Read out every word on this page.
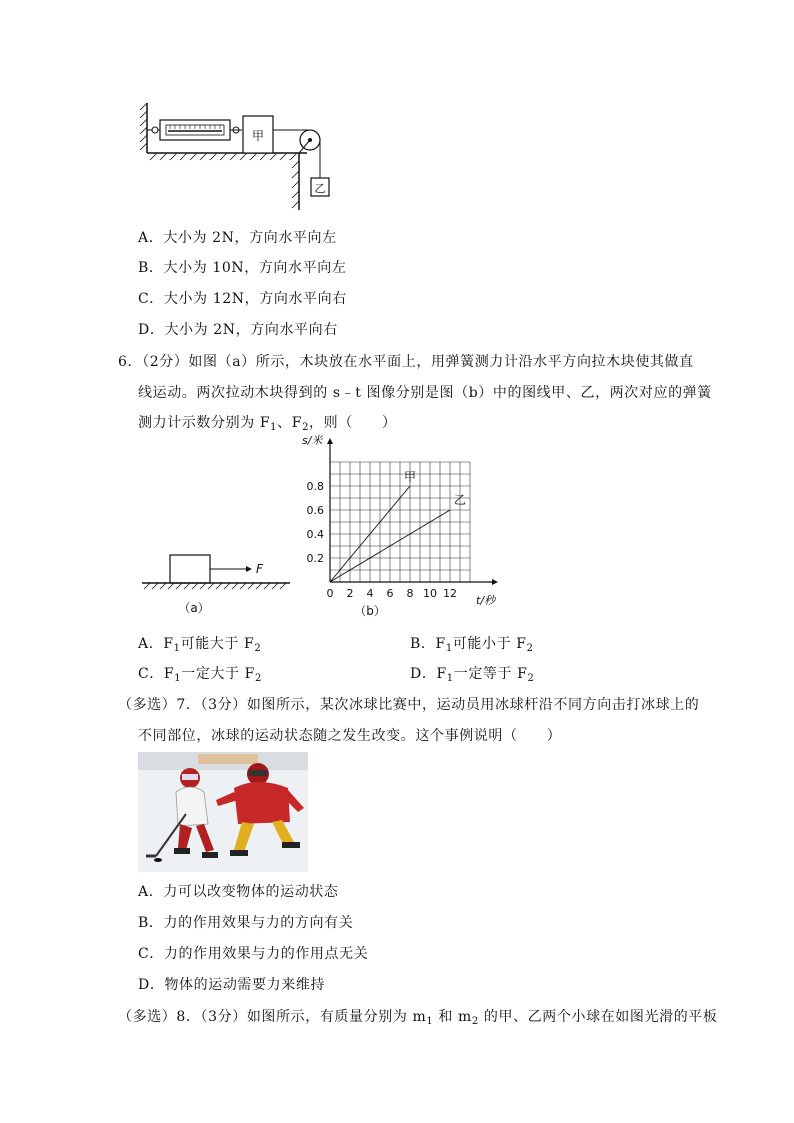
甲
乙
A．大小为 2N，方向水平向左
B．大小为 10N，方向水平向左
C．大小为 12N，方向水平向右
D．大小为 2N，方向水平向右
6．（2分）如图（a）所示，木块放在水平面上，用弹簧测力计沿水平方向拉木块使其做直
线运动。两次拉动木块得到的 s﹣t 图像分别是图（b）中的图线甲、乙，两次对应的弹簧
测力计示数分别为 $F_1$、$F_2$，则（　　）
F
（a）
0 2 4 6 8 10 12
0.2
0.4
0.6
0.8
s/米
t/秒
甲
乙
（b）
A．$F_1$可能大于 $F_2$	B．$F_1$可能小于 $F_2$
C．$F_1$一定大于 $F_2$	D．$F_1$一定等于 $F_2$
（多选）7．（3分）如图所示，某次冰球比赛中，运动员用冰球杆沿不同方向击打冰球上的
不同部位，冰球的运动状态随之发生改变。这个事例说明（　　）
A．力可以改变物体的运动状态
B．力的作用效果与力的方向有关
C．力的作用效果与力的作用点无关
D．物体的运动需要力来维持
（多选）8．（3分）如图所示，有质量分别为 $m_1$ 和 $m_2$ 的甲、乙两个小球在如图光滑的平板
